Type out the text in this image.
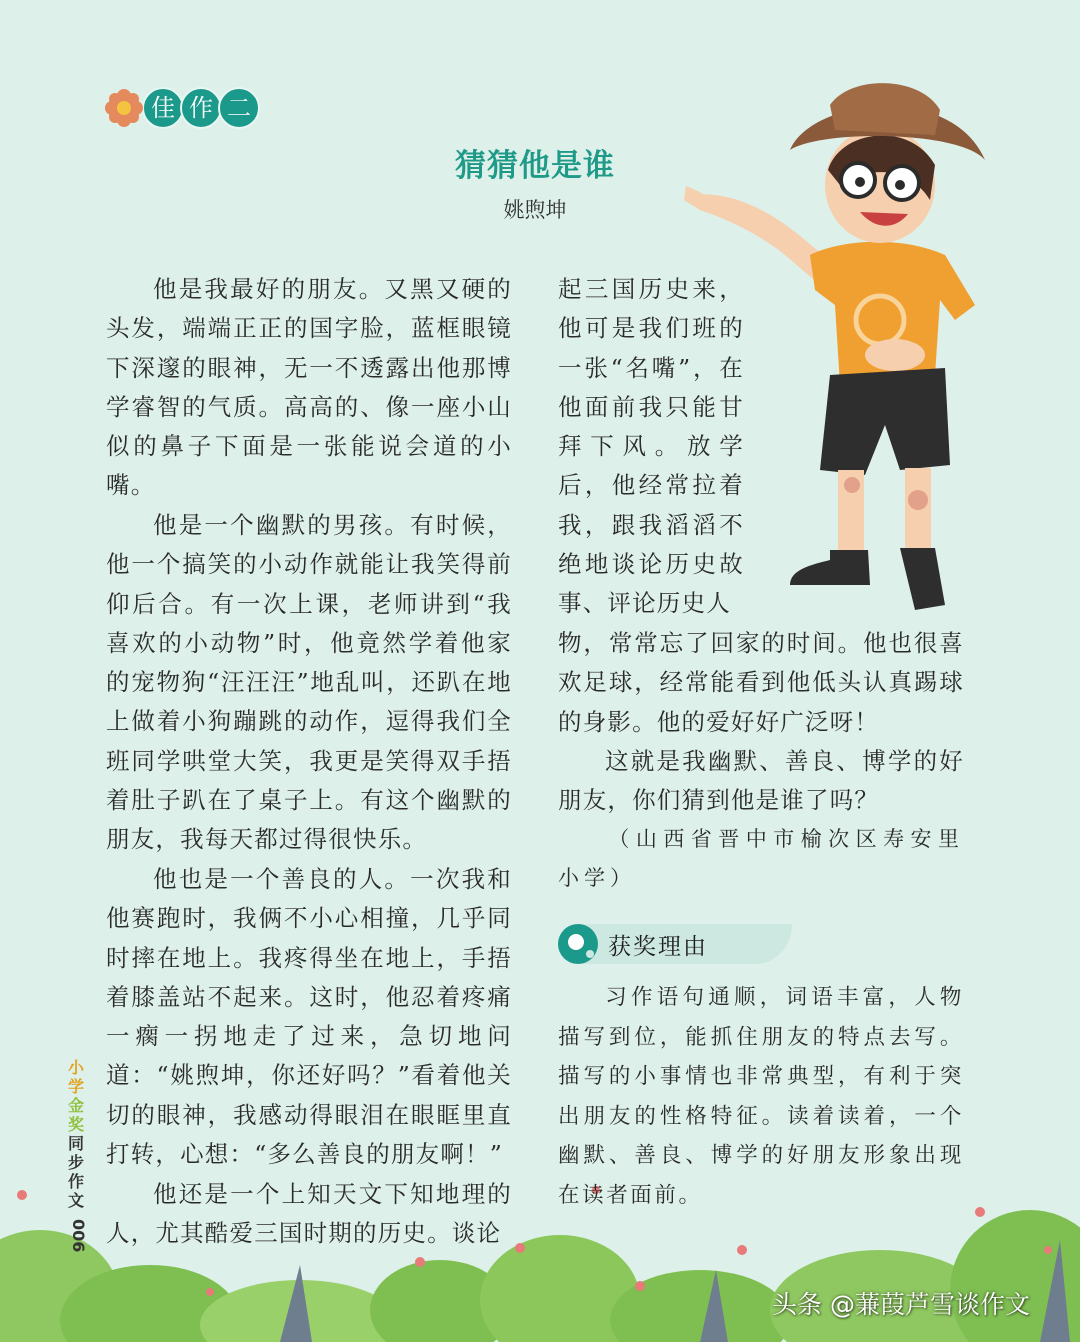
佳 作 二
猜猜他是谁
姚煦坤

他是我最好的朋友。又黑又硬的头发，端端正正的国字脸，蓝框眼镜下深邃的眼神，无一不透露出他那博学睿智的气质。高高的、像一座小山似的鼻子下面是一张能说会道的小嘴。

他是一个幽默的男孩。有时候，他一个搞笑的小动作就能让我笑得前仰后合。有一次上课，老师讲到“我喜欢的小动物”时，他竟然学着他家的宠物狗“汪汪汪”地乱叫，还趴在地上做着小狗蹦跳的动作，逗得我们全班同学哄堂大笑，我更是笑得双手捂着肚子趴在了桌子上。有这个幽默的朋友，我每天都过得很快乐。

他也是一个善良的人。一次我和他赛跑时，我俩不小心相撞，几乎同时摔在地上。我疼得坐在地上，手捂着膝盖站不起来。这时，他忍着疼痛一瘸一拐地走了过来，急切地问道：“姚煦坤，你还好吗？”看着他关切的眼神，我感动得眼泪在眼眶里直打转，心想：“多么善良的朋友啊！”

他还是一个上知天文下知地理的人，尤其酷爱三国时期的历史。谈论

起三国历史来，他可是我们班的一张“名嘴”，在他面前我只能甘拜下风。放学后，他经常拉着我，跟我滔滔不绝地谈论历史故事、评论历史人

物，常常忘了回家的时间。他也很喜欢足球，经常能看到他低头认真踢球的身影。他的爱好好广泛呀！

这就是我幽默、善良、博学的好朋友，你们猜到他是谁了吗？

（山西省晋中市榆次区寿安里小学）

获奖理由

习作语句通顺，词语丰富，人物描写到位，能抓住朋友的特点去写。描写的小事情也非常典型，有利于突出朋友的性格特征。读着读着，一个幽默、善良、博学的好朋友形象出现在读者面前。

小学
金奖
同步作文
006
头条 @蒹葭芦雪谈作文
